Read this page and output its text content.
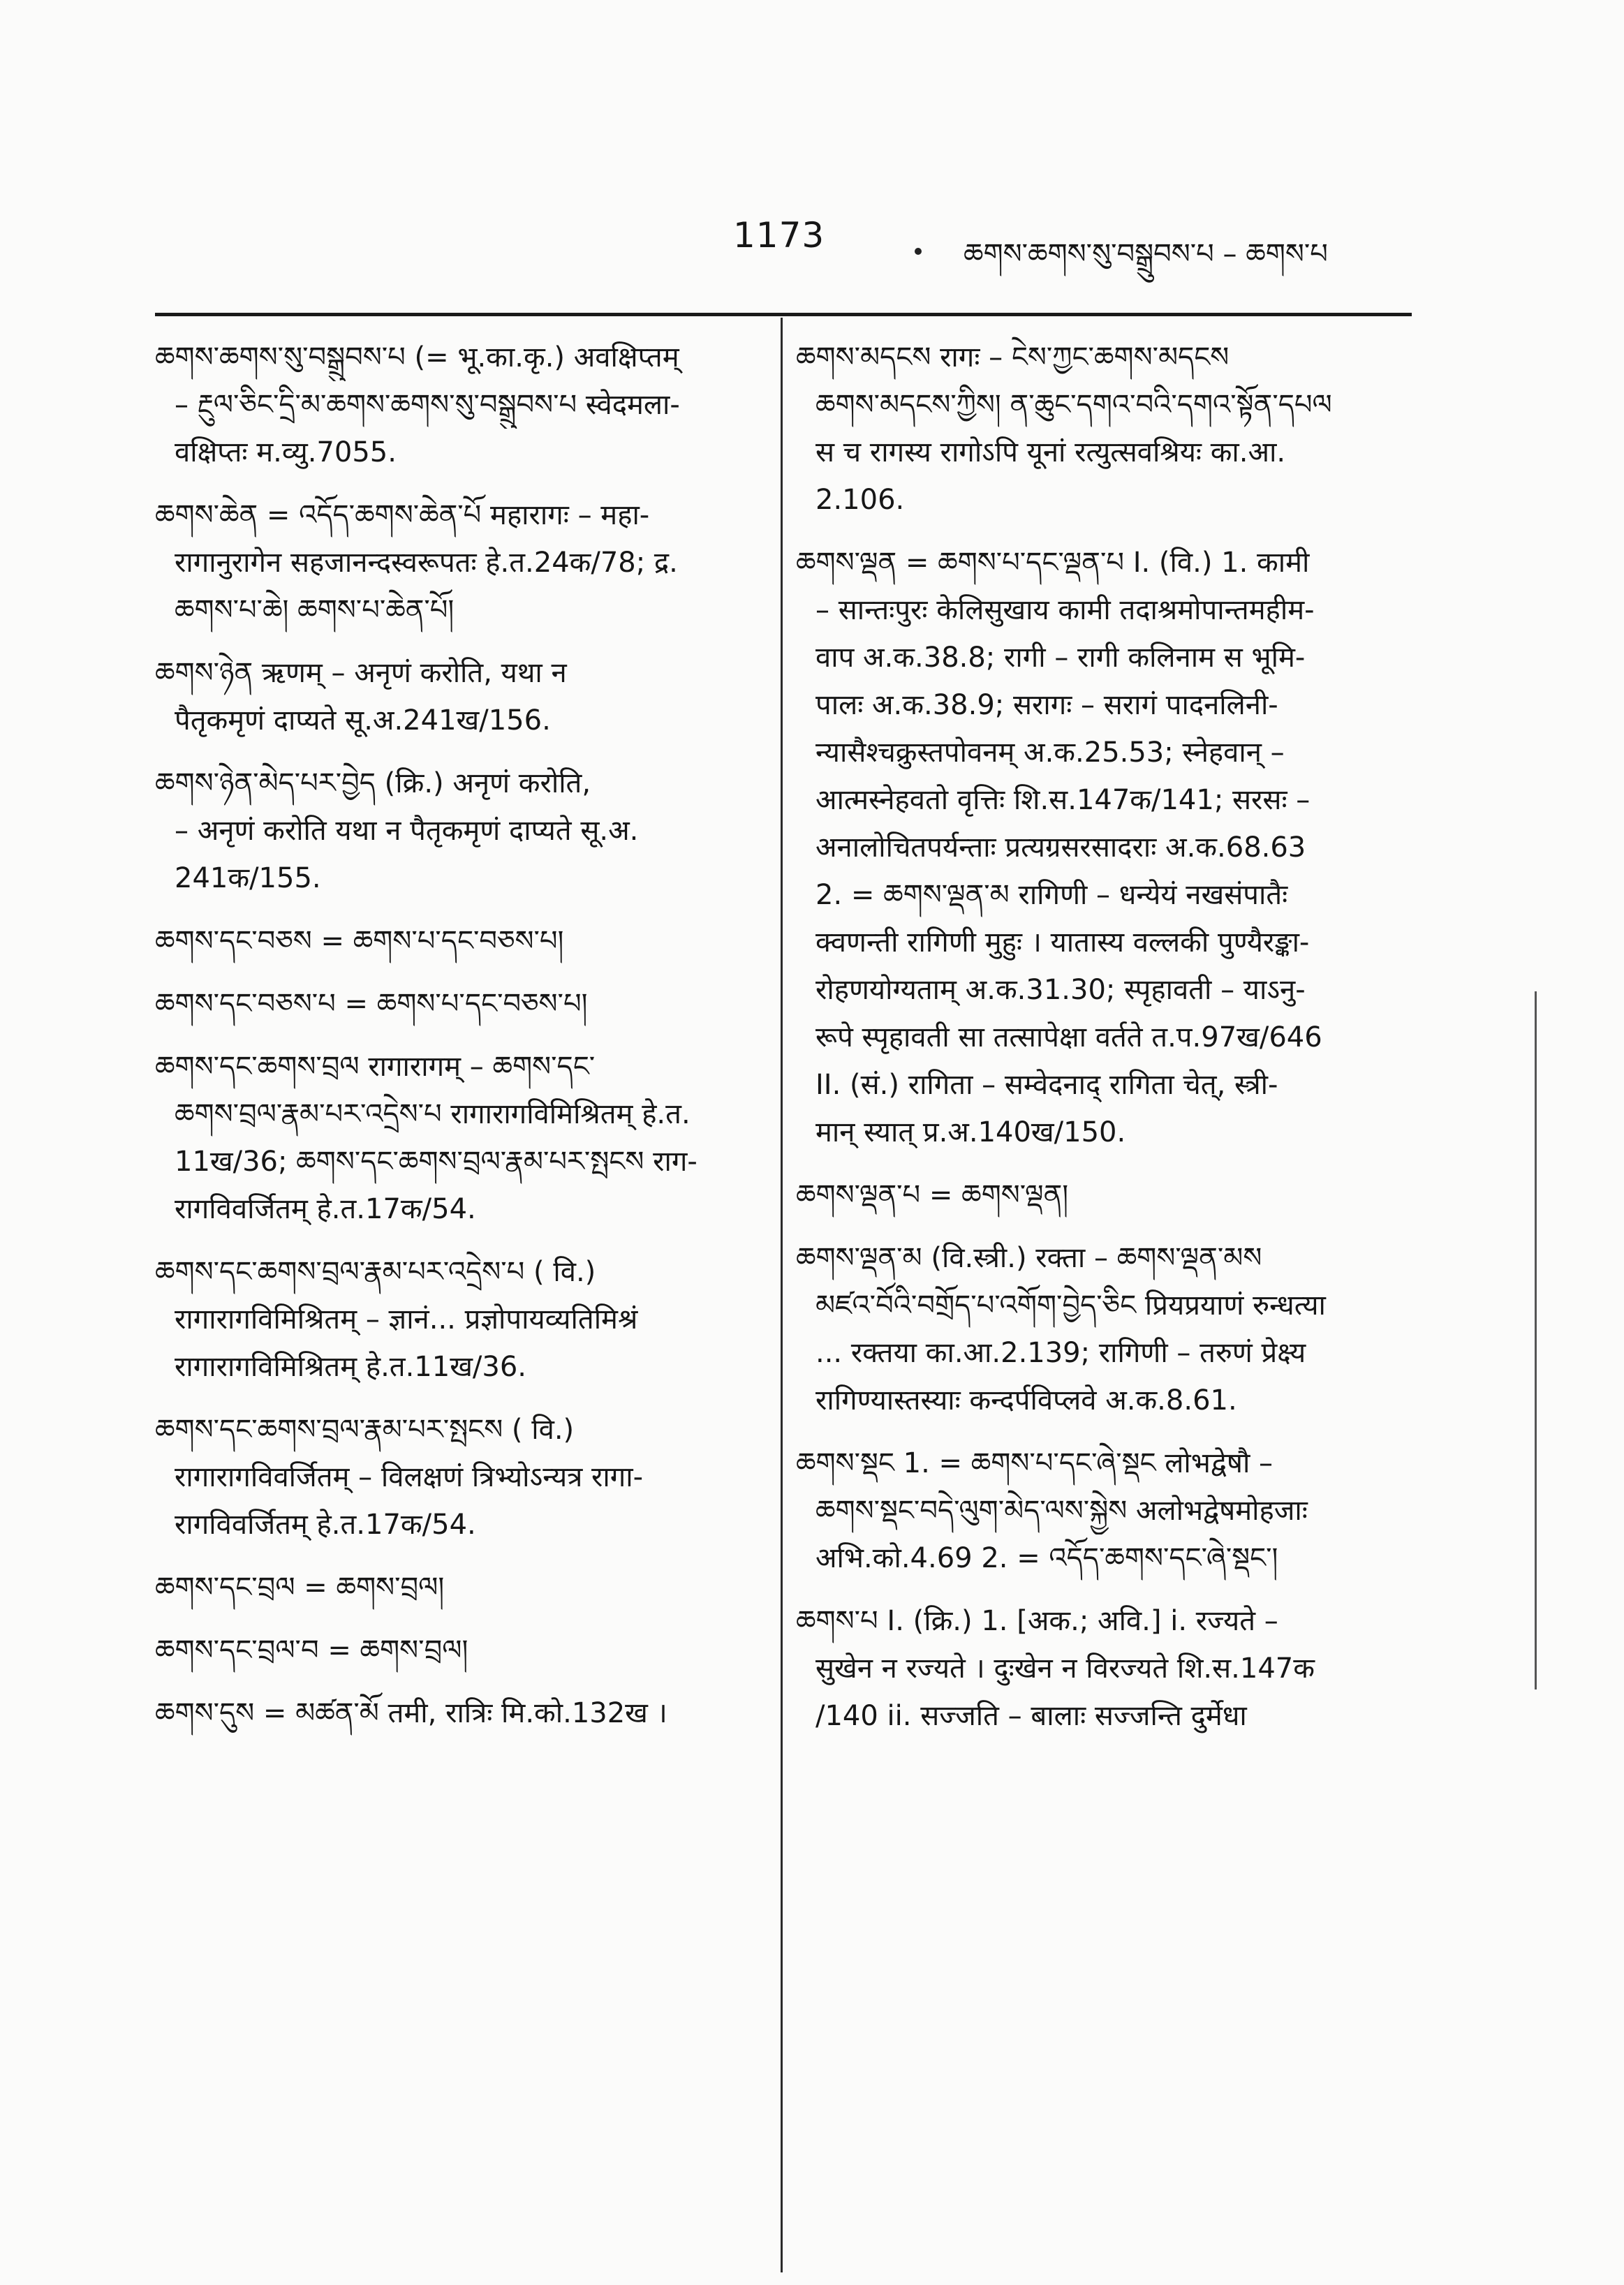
1173	ཆགས་ཆགས་སུ་བསྒྲུབས་པ – ཆགས་པ
ཆགས་ཆགས་སུ་བསྒྲུབས་པ (= भू.का.कृ.) अवक्षिप्तम्
– རྔུལ་ཅིང་དྲི་མ་ཆགས་ཆགས་སུ་བསྒྲུབས་པ स्वेदमला-
वक्षिप्तः म.व्यु.7055.
ཆགས་ཆེན = འདོད་ཆགས་ཆེན་པོ महारागः – महा-
रागानुरागेन सहजानन्दस्वरूपतः हे.त.24क/78; द्र.
ཆགས་པ་ཆེ། ཆགས་པ་ཆེན་པོ།
ཆགས་ཉེན ऋणम् – अनृणं करोति, यथा न
पैतृकमृणं दाप्यते सू.अ.241ख/156.
ཆགས་ཉེན་མེད་པར་བྱེད (क्रि.) अनृणं करोति,
– अनृणं करोति यथा न पैतृकमृणं दाप्यते सू.अ.
241क/155.
ཆགས་དང་བཅས = ཆགས་པ་དང་བཅས་པ།
ཆགས་དང་བཅས་པ = ཆགས་པ་དང་བཅས་པ།
ཆགས་དང་ཆགས་བྲལ रागारागम् – ཆགས་དང་
ཆགས་བྲལ་རྣམ་པར་འདྲེས་པ रागारागविमिश्रितम् हे.त.
11ख/36; ཆགས་དང་ཆགས་བྲལ་རྣམ་པར་སྤངས राग-
रागविवर्जितम् हे.त.17क/54.
ཆགས་དང་ཆགས་བྲལ་རྣམ་པར་འདྲེས་པ ( वि.)
रागारागविमिश्रितम् – ज्ञानं... प्रज्ञोपायव्यतिमिश्रं
रागारागविमिश्रितम् हे.त.11ख/36.
ཆགས་དང་ཆགས་བྲལ་རྣམ་པར་སྤངས ( वि.)
रागारागविवर्जितम् – विलक्षणं त्रिभ्योऽन्यत्र रागा-
रागविवर्जितम् हे.त.17क/54.
ཆགས་དང་བྲལ = ཆགས་བྲལ།
ཆགས་དང་བྲལ་བ = ཆགས་བྲལ།
ཆགས་དུས = མཚན་མོ तमी, रात्रिः मि.को.132ख ।
ཆགས་མདངས रागः – ངེས་ཀྱང་ཆགས་མདངས
ཆགས་མདངས་ཀྱིས། ན་ཆུང་དགའ་བའི་དགའ་སྟོན་དཔལ
स च रागस्य रागोऽपि यूनां रत्युत्सवश्रियः का.आ.
2.106.
ཆགས་ལྡན = ཆགས་པ་དང་ལྡན་པ I. (वि.) 1. कामी
– सान्तःपुरः केलिसुखाय कामी तदाश्रमोपान्तमहीम-
वाप अ.क.38.8; रागी – रागी कलिनाम स भूमि-
पालः अ.क.38.9; सरागः – सरागं पादनलिनी-
न्यासैश्चक्रुस्तपोवनम् अ.क.25.53; स्नेहवान् –
आत्मस्नेहवतो वृत्तिः शि.स.147क/141; सरसः –
अनालोचितपर्यन्ताः प्रत्यग्रसरसादराः अ.क.68.63
2. = ཆགས་ལྡན་མ रागिणी – धन्येयं नखसंपातैः
क्वणन्ती रागिणी मुहुः । यातास्य वल्लकी पुण्यैरङ्का-
रोहणयोग्यताम् अ.क.31.30; स्पृहावती – याऽनु-
रूपे स्पृहावती सा तत्सापेक्षा वर्तते त.प.97ख/646
II. (सं.) रागिता – सम्वेदनाद् रागिता चेत्, स्त्री-
मान् स्यात् प्र.अ.140ख/150.
ཆགས་ལྡན་པ = ཆགས་ལྡན།
ཆགས་ལྡན་མ (वि.स्त्री.) रक्ता – ཆགས་ལྡན་མས
མཛའ་བོའི་བགྲོད་པ་འགོག་བྱེད་ཅིང प्रियप्रयाणं रुन्धत्या
... रक्तया का.आ.2.139; रागिणी – तरुणं प्रेक्ष्य
रागिण्यास्तस्याः कन्दर्पविप्लवे अ.क.8.61.
ཆགས་སྡང 1. = ཆགས་པ་དང་ཞེ་སྡང लोभद्वेषौ –
ཆགས་སྡང་བདེ་ལུག་མེད་ལས་སྐྱེས अलोभद्वेषमोहजाः
अभि.को.4.69 2. = འདོད་ཆགས་དང་ཞེ་སྡང་།
ཆགས་པ I. (क्रि.) 1. [अक.; अवि.] i. रज्यते –
सुखेन न रज्यते । दुःखेन न विरज्यते शि.स.147क
/140 ii. सज्जति – बालाः सज्जन्ति दुर्मेधा
